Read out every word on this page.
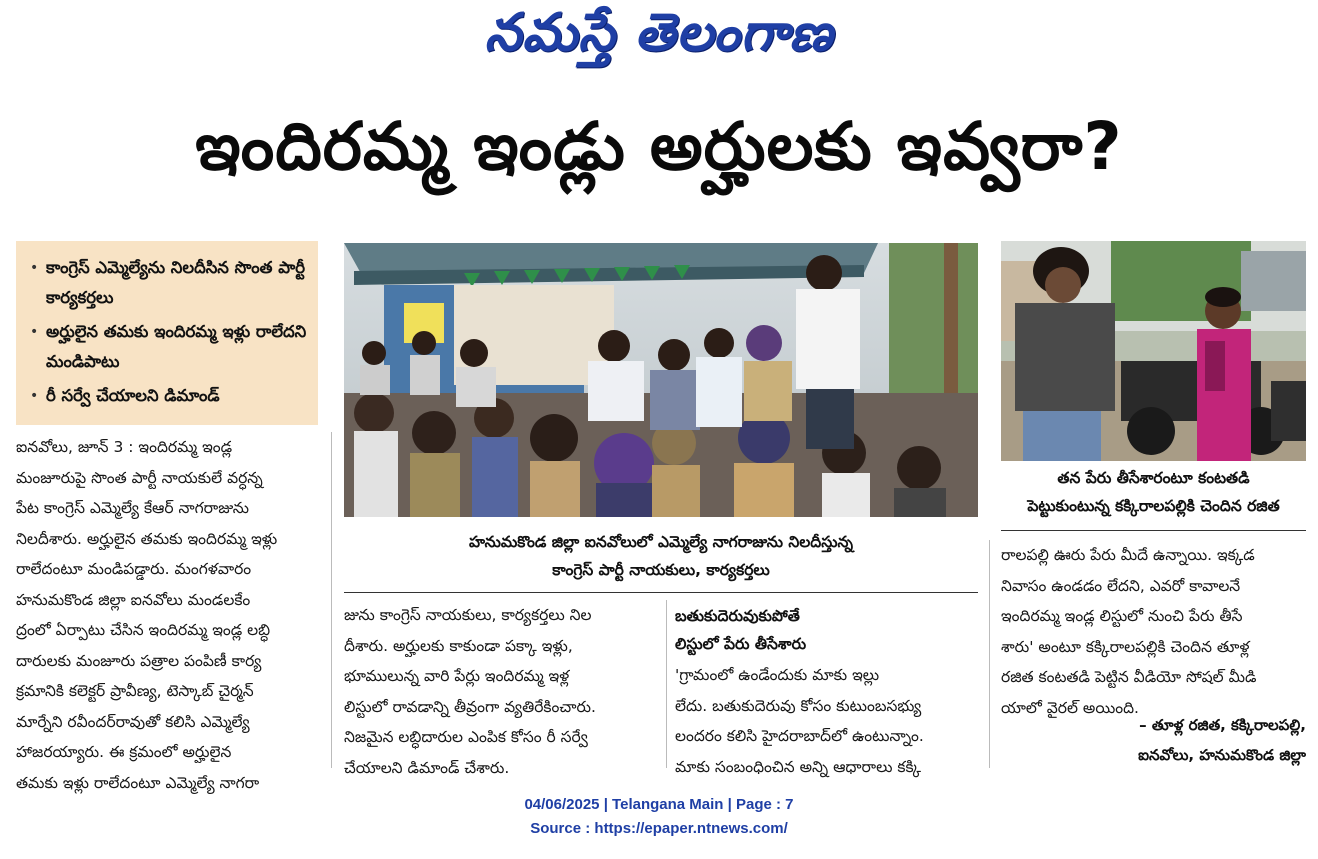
నమస్తే తెలంగాణ
ఇందిరమ్మ ఇండ్లు అర్హులకు ఇవ్వరా?
• కాంగ్రెస్ ఎమ్మెల్యేను నిలదీసిన సొంత పార్టీ కార్యకర్తలు
• అర్హులైన తమకు ఇందిరమ్మ ఇళ్లు రాలేదని మండిపాటు
• రీ సర్వే చేయాలని డిమాండ్
ఐనవోలు, జూన్ 3 : ఇందిరమ్మ ఇండ్ల
మంజూరుపై సొంత పార్టీ నాయకులే వర్ధన్న
పేట కాంగ్రెస్ ఎమ్మెల్యే కేఆర్ నాగరాజును
నిలదీశారు. అర్హులైన తమకు ఇందిరమ్మ ఇళ్లు
రాలేదంటూ మండిపడ్డారు. మంగళవారం
హనుమకొండ జిల్లా ఐనవోలు మండలకేం
ద్రంలో ఏర్పాటు చేసిన ఇందిరమ్మ ఇండ్ల లబ్ధి
దారులకు మంజూరు పత్రాల పంపిణీ కార్య
క్రమానికి కలెక్టర్ ప్రావీణ్య, టెస్కాబ్ చైర్మన్
మార్నేని రవీందర్‌రావుతో కలిసి ఎమ్మెల్యే
హాజరయ్యారు. ఈ క్రమంలో అర్హులైన
తమకు ఇళ్లు రాలేదంటూ ఎమ్మెల్యే నాగరా
హనుమకొండ జిల్లా ఐనవోలులో ఎమ్మెల్యే నాగరాజును నిలదీస్తున్న
కాంగ్రెస్ పార్టీ నాయకులు, కార్యకర్తలు
జును కాంగ్రెస్ నాయకులు, కార్యకర్తలు నిల
దీశారు. అర్హులకు కాకుండా పక్కా ఇళ్లు,
భూములున్న వారి పేర్లు ఇందిరమ్మ ఇళ్ల
లిస్టులో రావడాన్ని తీవ్రంగా వ్యతిరేకించారు.
నిజమైన లబ్ధిదారుల ఎంపిక కోసం రీ సర్వే
చేయాలని డిమాండ్ చేశారు.
బతుకుదెరువుకుపోతే
లిస్టులో పేరు తీసేశారు
'గ్రామంలో ఉండేందుకు మాకు ఇల్లు
లేదు. బతుకుదెరువు కోసం కుటుంబసభ్యు
లందరం కలిసి హైదరాబాద్‌లో ఉంటున్నాం.
మాకు సంబంధించిన అన్ని ఆధారాలు కక్కి
తన పేరు తీసేశారంటూ కంటతడి
పెట్టుకుంటున్న కక్కిరాలపల్లికి చెందిన రజిత
రాలపల్లి ఊరు పేరు మీదే ఉన్నాయి. ఇక్కడ
నివాసం ఉండడం లేదని, ఎవరో కావాలనే
ఇందిరమ్మ ఇండ్ల లిస్టులో నుంచి పేరు తీసే
శారు' అంటూ కక్కిరాలపల్లికి చెందిన తూళ్ల
రజిత కంటతడి పెట్టిన వీడియో సోషల్ మీడి
యాలో వైరల్ అయింది.
– తూళ్ల రజిత, కక్కిరాలపల్లి,
ఐనవోలు, హనుమకొండ జిల్లా
04/06/2025 | Telangana Main | Page : 7
Source : https://epaper.ntnews.com/
